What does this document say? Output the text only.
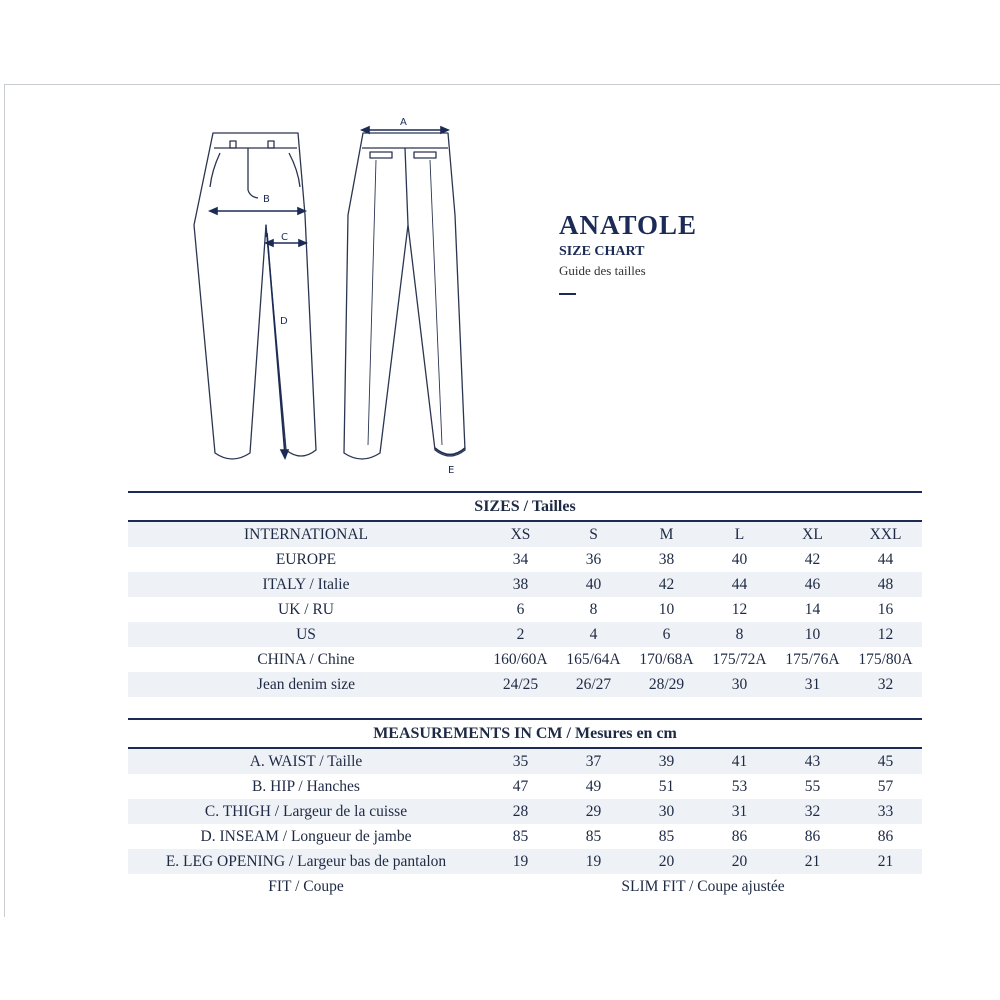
A
B
C
D
E
ANATOLE
SIZE CHART
Guide des tailles
SIZES / Tailles						
INTERNATIONAL	XS	S	M	L	XL	XXL
EUROPE	34	36	38	40	42	44
ITALY / Italie	38	40	42	44	46	48
UK / RU	6	8	10	12	14	16
US	2	4	6	8	10	12
CHINA / Chine	160/60A	165/64A	170/68A	175/72A	175/76A	175/80A
Jean denim size	24/25	26/27	28/29	30	31	32
MEASUREMENTS IN CM / Mesures en cm						
A. WAIST / Taille	35	37	39	41	43	45
B. HIP / Hanches	47	49	51	53	55	57
C. THIGH / Largeur de la cuisse	28	29	30	31	32	33
D. INSEAM / Longueur de jambe	85	85	85	86	86	86
E. LEG OPENING / Largeur bas de pantalon	19	19	20	20	21	21
FIT / Coupe	SLIM FIT / Coupe ajustée					
